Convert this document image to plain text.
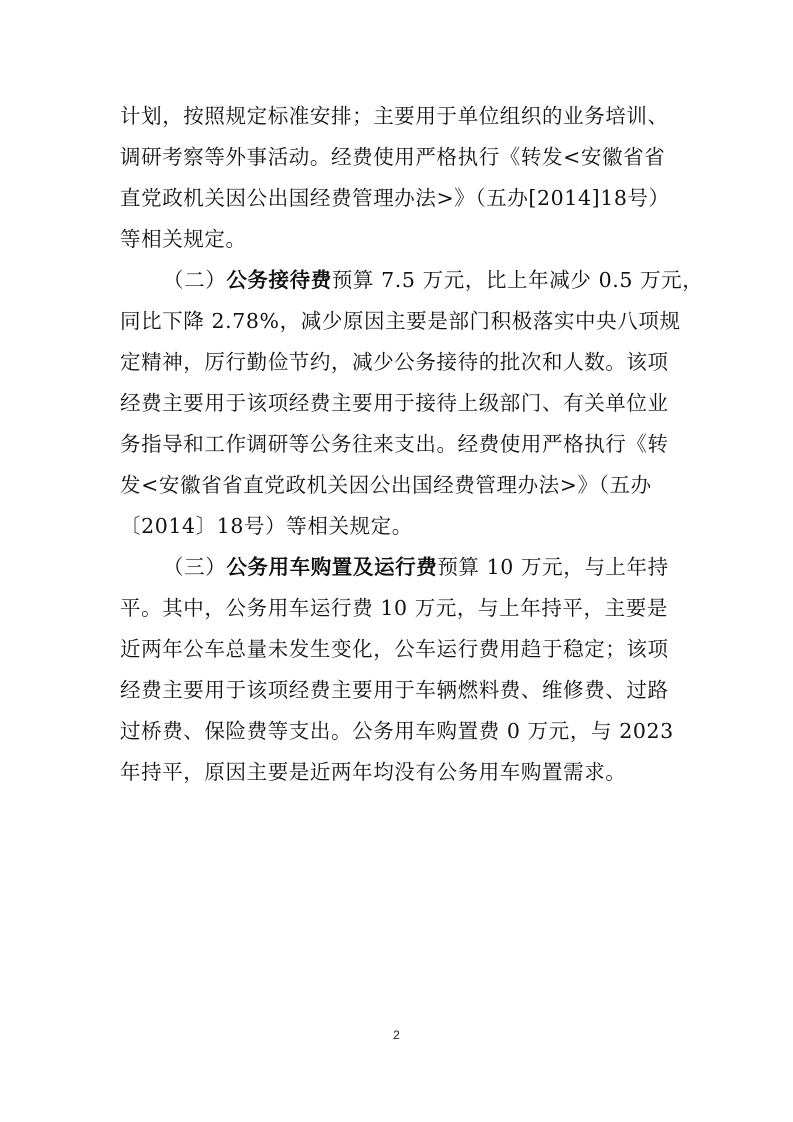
计划，按照规定标准安排；主要用于单位组织的业务培训、
调研考察等外事活动。经费使用严格执行《转发<安徽省省
直党政机关因公出国经费管理办法>》（五办[2014]18号）
等相关规定。
（二）公务接待费预算 7.5 万元，比上年减少 0.5 万元，
同比下降 2.78%，减少原因主要是部门积极落实中央八项规
定精神，厉行勤俭节约，减少公务接待的批次和人数。该项
经费主要用于该项经费主要用于接待上级部门、有关单位业
务指导和工作调研等公务往来支出。经费使用严格执行《转
发<安徽省省直党政机关因公出国经费管理办法>》（五办
〔2014〕18号）等相关规定。
（三）公务用车购置及运行费预算 10 万元，与上年持
平。其中，公务用车运行费 10 万元，与上年持平，主要是
近两年公车总量未发生变化，公车运行费用趋于稳定；该项
经费主要用于该项经费主要用于车辆燃料费、维修费、过路
过桥费、保险费等支出。公务用车购置费 0 万元，与 2023
年持平，原因主要是近两年均没有公务用车购置需求。
2
